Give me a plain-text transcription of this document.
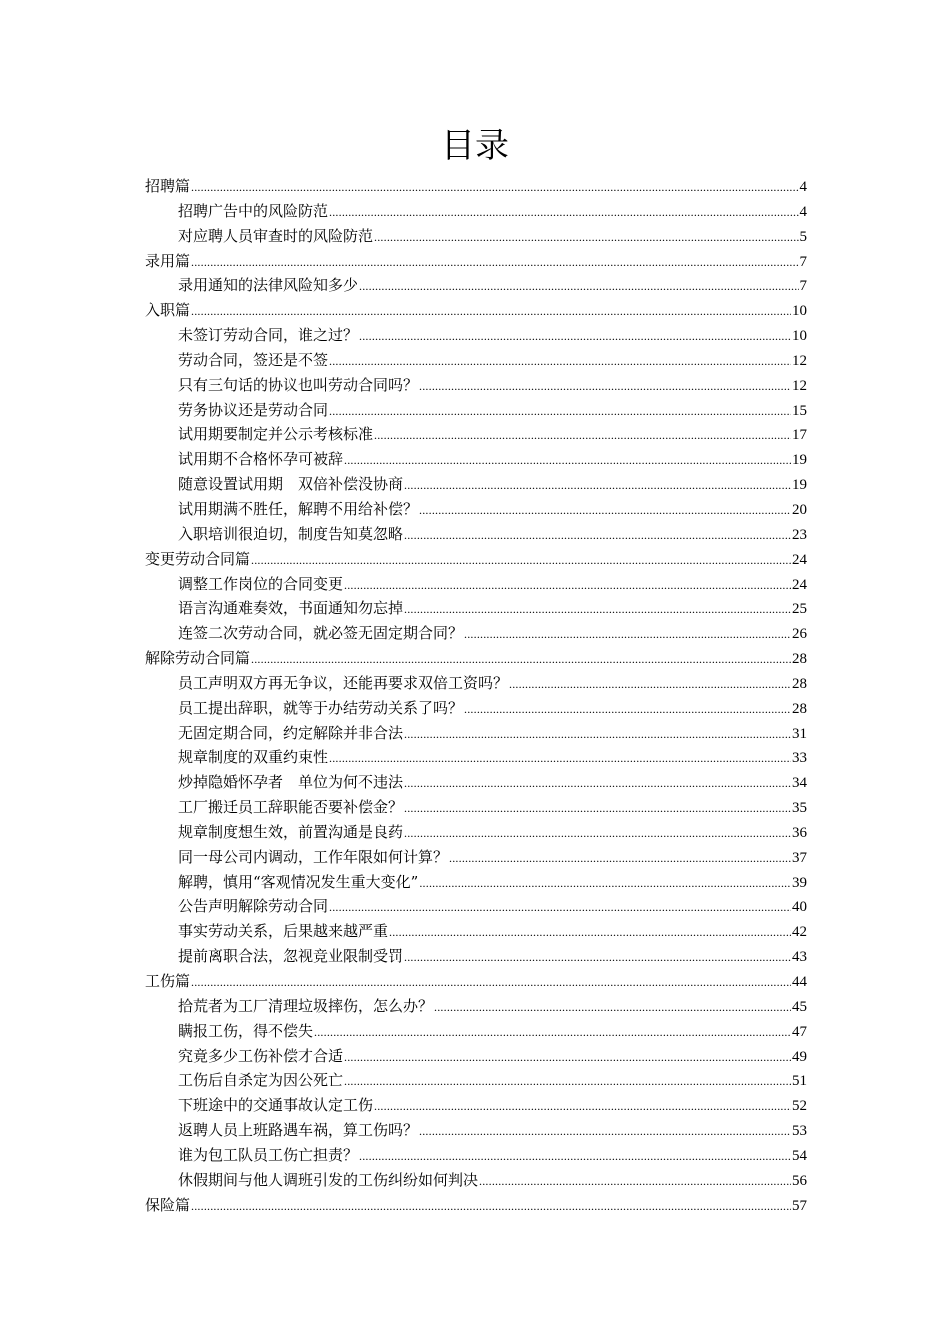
目录
招聘篇 .....	4
招聘广告中的风险防范 .....	4
对应聘人员审查时的风险防范 .....	5
录用篇 .....	7
录用通知的法律风险知多少 .....	7
入职篇 .....	10
未签订劳动合同，谁之过？ .....	10
劳动合同，签还是不签 .....	12
只有三句话的协议也叫劳动合同吗？ .....	12
劳务协议还是劳动合同 .....	15
试用期要制定并公示考核标准 .....	17
试用期不合格怀孕可被辞 .....	19
随意设置试用期　双倍补偿没协商 .....	19
试用期满不胜任，解聘不用给补偿？ .....	20
入职培训很迫切，制度告知莫忽略 .....	23
变更劳动合同篇 .....	24
调整工作岗位的合同变更 .....	24
语言沟通难奏效，书面通知勿忘掉 .....	25
连签二次劳动合同，就必签无固定期合同？ .....	26
解除劳动合同篇 .....	28
员工声明双方再无争议，还能再要求双倍工资吗？ .....	28
员工提出辞职，就等于办结劳动关系了吗？ .....	28
无固定期合同，约定解除并非合法 .....	31
规章制度的双重约束性 .....	33
炒掉隐婚怀孕者　单位为何不违法 .....	34
工厂搬迁员工辞职能否要补偿金？ .....	35
规章制度想生效，前置沟通是良药 .....	36
同一母公司内调动，工作年限如何计算？ .....	37
解聘，慎用“客观情况发生重大变化” .....	39
公告声明解除劳动合同 .....	40
事实劳动关系，后果越来越严重 .....	42
提前离职合法，忽视竞业限制受罚 .....	43
工伤篇 .....	44
拾荒者为工厂清理垃圾摔伤，怎么办？ .....	45
瞒报工伤，得不偿失 .....	47
究竟多少工伤补偿才合适 .....	49
工伤后自杀定为因公死亡 .....	51
下班途中的交通事故认定工伤 .....	52
返聘人员上班路遇车祸，算工伤吗？ .....	53
谁为包工队员工伤亡担责？ .....	54
休假期间与他人调班引发的工伤纠纷如何判决 .....	56
保险篇 .....	57
